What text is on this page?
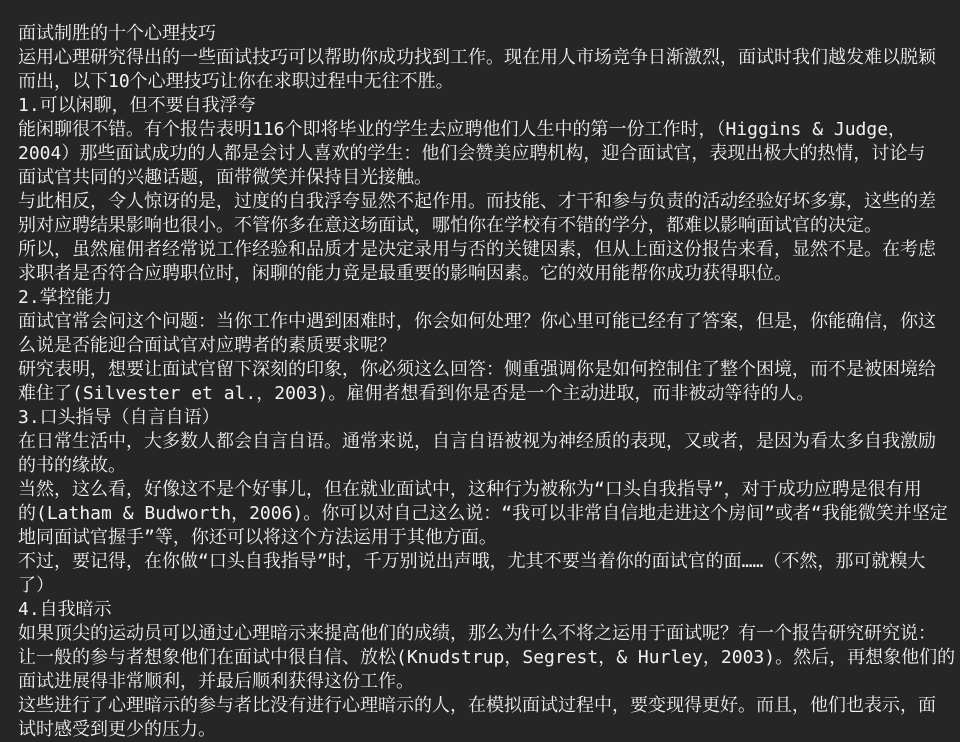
面试制胜的十个心理技巧
运用心理研究得出的一些面试技巧可以帮助你成功找到工作。现在用人市场竞争日渐激烈，面试时我们越发难以脱颖
而出，以下10个心理技巧让你在求职过程中无往不胜。
1.可以闲聊，但不要自我浮夸
能闲聊很不错。有个报告表明116个即将毕业的学生去应聘他们人生中的第一份工作时，（Higgins & Judge，
2004）那些面试成功的人都是会讨人喜欢的学生：他们会赞美应聘机构，迎合面试官，表现出极大的热情，讨论与
面试官共同的兴趣话题，面带微笑并保持目光接触。
与此相反，令人惊讶的是，过度的自我浮夸显然不起作用。而技能、才干和参与负责的活动经验好坏多寡，这些的差
别对应聘结果影响也很小。不管你多在意这场面试，哪怕你在学校有不错的学分，都难以影响面试官的决定。
所以，虽然雇佣者经常说工作经验和品质才是决定录用与否的关键因素，但从上面这份报告来看，显然不是。在考虑
求职者是否符合应聘职位时，闲聊的能力竟是最重要的影响因素。它的效用能帮你成功获得职位。
2.掌控能力
面试官常会问这个问题：当你工作中遇到困难时，你会如何处理？你心里可能已经有了答案，但是，你能确信，你这
么说是否能迎合面试官对应聘者的素质要求呢？
研究表明，想要让面试官留下深刻的印象，你必须这么回答：侧重强调你是如何控制住了整个困境，而不是被困境给
难住了(Silvester et al.，2003)。雇佣者想看到你是否是一个主动进取，而非被动等待的人。
3.口头指导（自言自语）
在日常生活中，大多数人都会自言自语。通常来说，自言自语被视为神经质的表现，又或者，是因为看太多自我激励
的书的缘故。
当然，这么看，好像这不是个好事儿，但在就业面试中，这种行为被称为“口头自我指导”，对于成功应聘是很有用
的(Latham & Budworth，2006)。你可以对自己这么说：“我可以非常自信地走进这个房间”或者“我能微笑并坚定
地同面试官握手”等，你还可以将这个方法运用于其他方面。
不过，要记得，在你做“口头自我指导”时，千万别说出声哦，尤其不要当着你的面试官的面……（不然，那可就糗大
了）
4.自我暗示
如果顶尖的运动员可以通过心理暗示来提高他们的成绩，那么为什么不将之运用于面试呢？有一个报告研究研究说：
让一般的参与者想象他们在面试中很自信、放松(Knudstrup，Segrest，& Hurley，2003)。然后，再想象他们的
面试进展得非常顺利，并最后顺利获得这份工作。
这些进行了心理暗示的参与者比没有进行心理暗示的人，在模拟面试过程中，要变现得更好。而且，他们也表示，面
试时感受到更少的压力。
